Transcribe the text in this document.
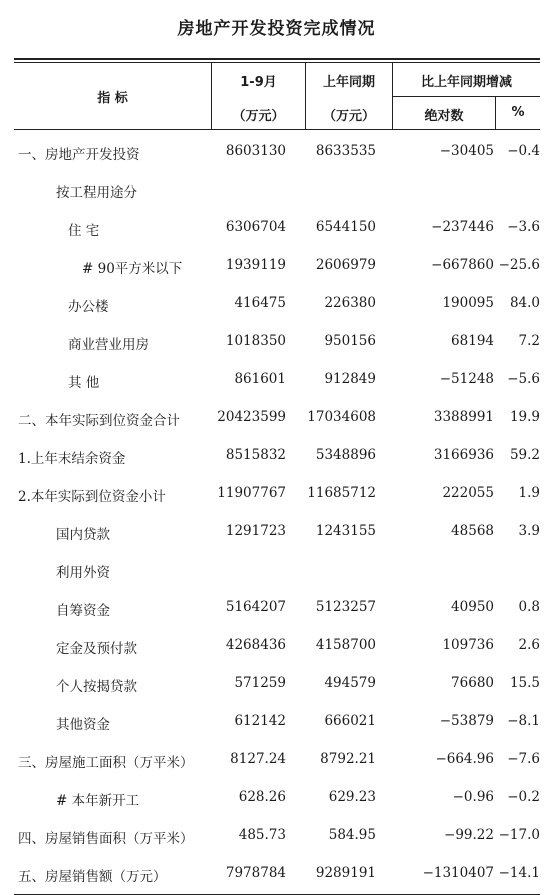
房地产开发投资完成情况
指 标
1-9月
（万元）
上年同期
（万元）
比上年同期增减
绝对数	%
一、房地产开发投资	8603130 8633535	−30405 −0.4
按工程用途分
住 宅	6306704 6544150	−237446 −3.6
# 90平方米以下	1939119 2606979	−667860 −25.6
办公楼	416475	226380	190095 84.0
商业营业用房	1018350	950156	68194 7.2
其 他	861601	912849	−51248 −5.6
二、本年实际到位资金合计	20423599 17034608	3388991 19.9
1.上年末结余资金	8515832 5348896	3166936 59.2
2.本年实际到位资金小计	11907767 11685712	222055 1.9
国内贷款	1291723 1243155	48568 3.9
利用外资
自筹资金	5164207 5123257	40950 0.8
定金及预付款	4268436 4158700	109736 2.6
个人按揭贷款	571259	494579	76680 15.5
其他资金	612142	666021	−53879 −8.1
三、房屋施工面积（万平米）	8127.24	8792.21	−664.96 −7.6
# 本年新开工	628.26	629.23	−0.96 −0.2
四、房屋销售面积（万平米）	485.73	584.95	−99.22 −17.0
五、房屋销售额（万元）	7978784 9289191	−1310407 −14.1
